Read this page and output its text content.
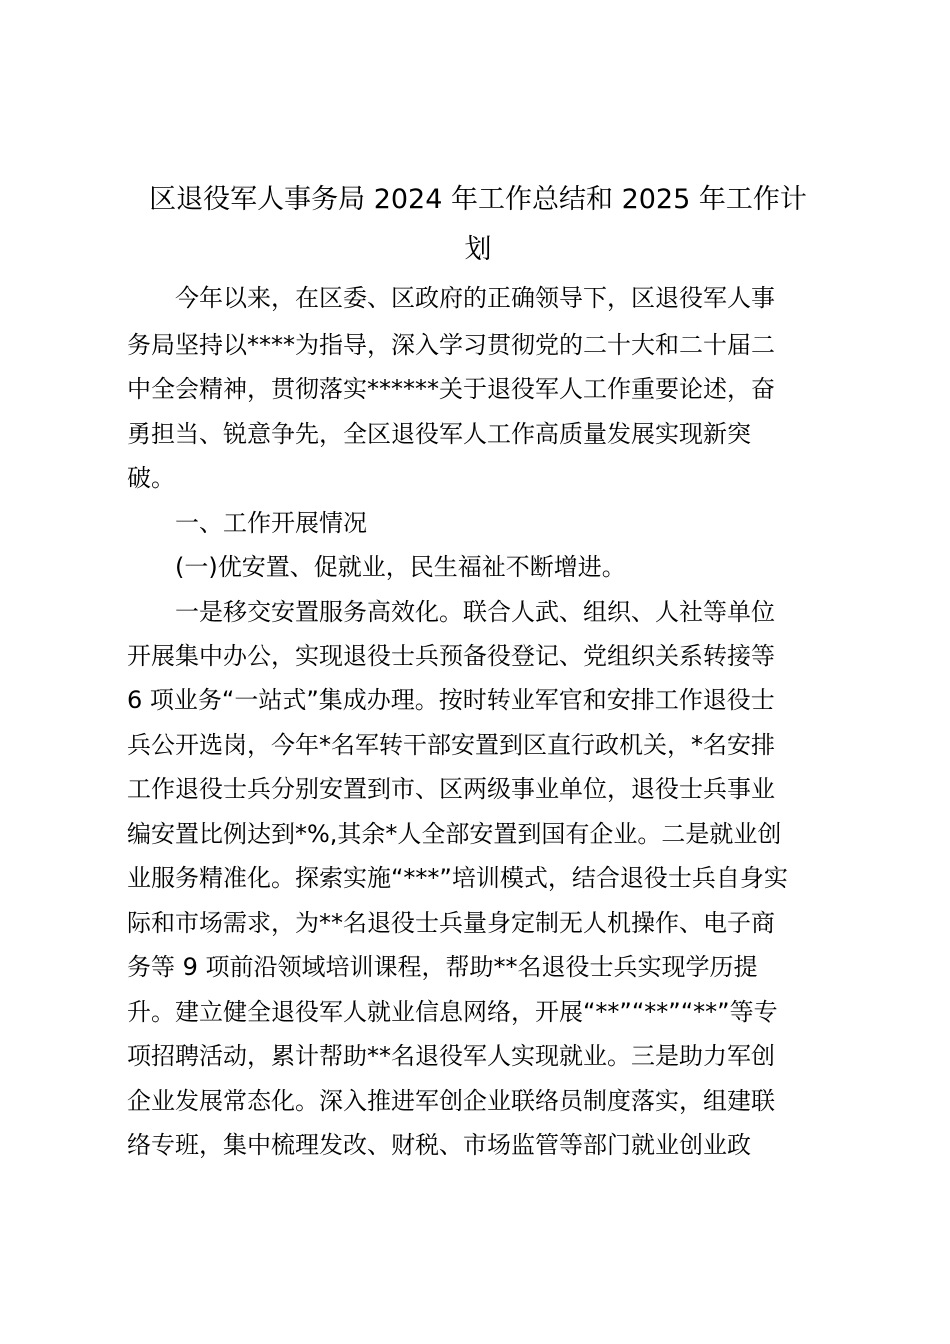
区退役军人事务局 2024 年工作总结和 2025 年工作计
划

今年以来，在区委、区政府的正确领导下，区退役军人事

务局坚持以****为指导，深入学习贯彻党的二十大和二十届二

中全会精神，贯彻落实******关于退役军人工作重要论述，奋

勇担当、锐意争先，全区退役军人工作高质量发展实现新突

破。

一、工作开展情况

(一)优安置、促就业，民生福祉不断增进。

一是移交安置服务高效化。联合人武、组织、人社等单位

开展集中办公，实现退役士兵预备役登记、党组织关系转接等

6 项业务“一站式”集成办理。按时转业军官和安排工作退役士

兵公开选岗，今年*名军转干部安置到区直行政机关，*名安排

工作退役士兵分别安置到市、区两级事业单位，退役士兵事业

编安置比例达到*%,其余*人全部安置到国有企业。二是就业创

业服务精准化。探索实施“***”培训模式，结合退役士兵自身实

际和市场需求，为**名退役士兵量身定制无人机操作、电子商

务等 9 项前沿领域培训课程，帮助**名退役士兵实现学历提

升。建立健全退役军人就业信息网络，开展“**”“**”“**”等专

项招聘活动，累计帮助**名退役军人实现就业。三是助力军创

企业发展常态化。深入推进军创企业联络员制度落实，组建联

络专班，集中梳理发改、财税、市场监管等部门就业创业政
